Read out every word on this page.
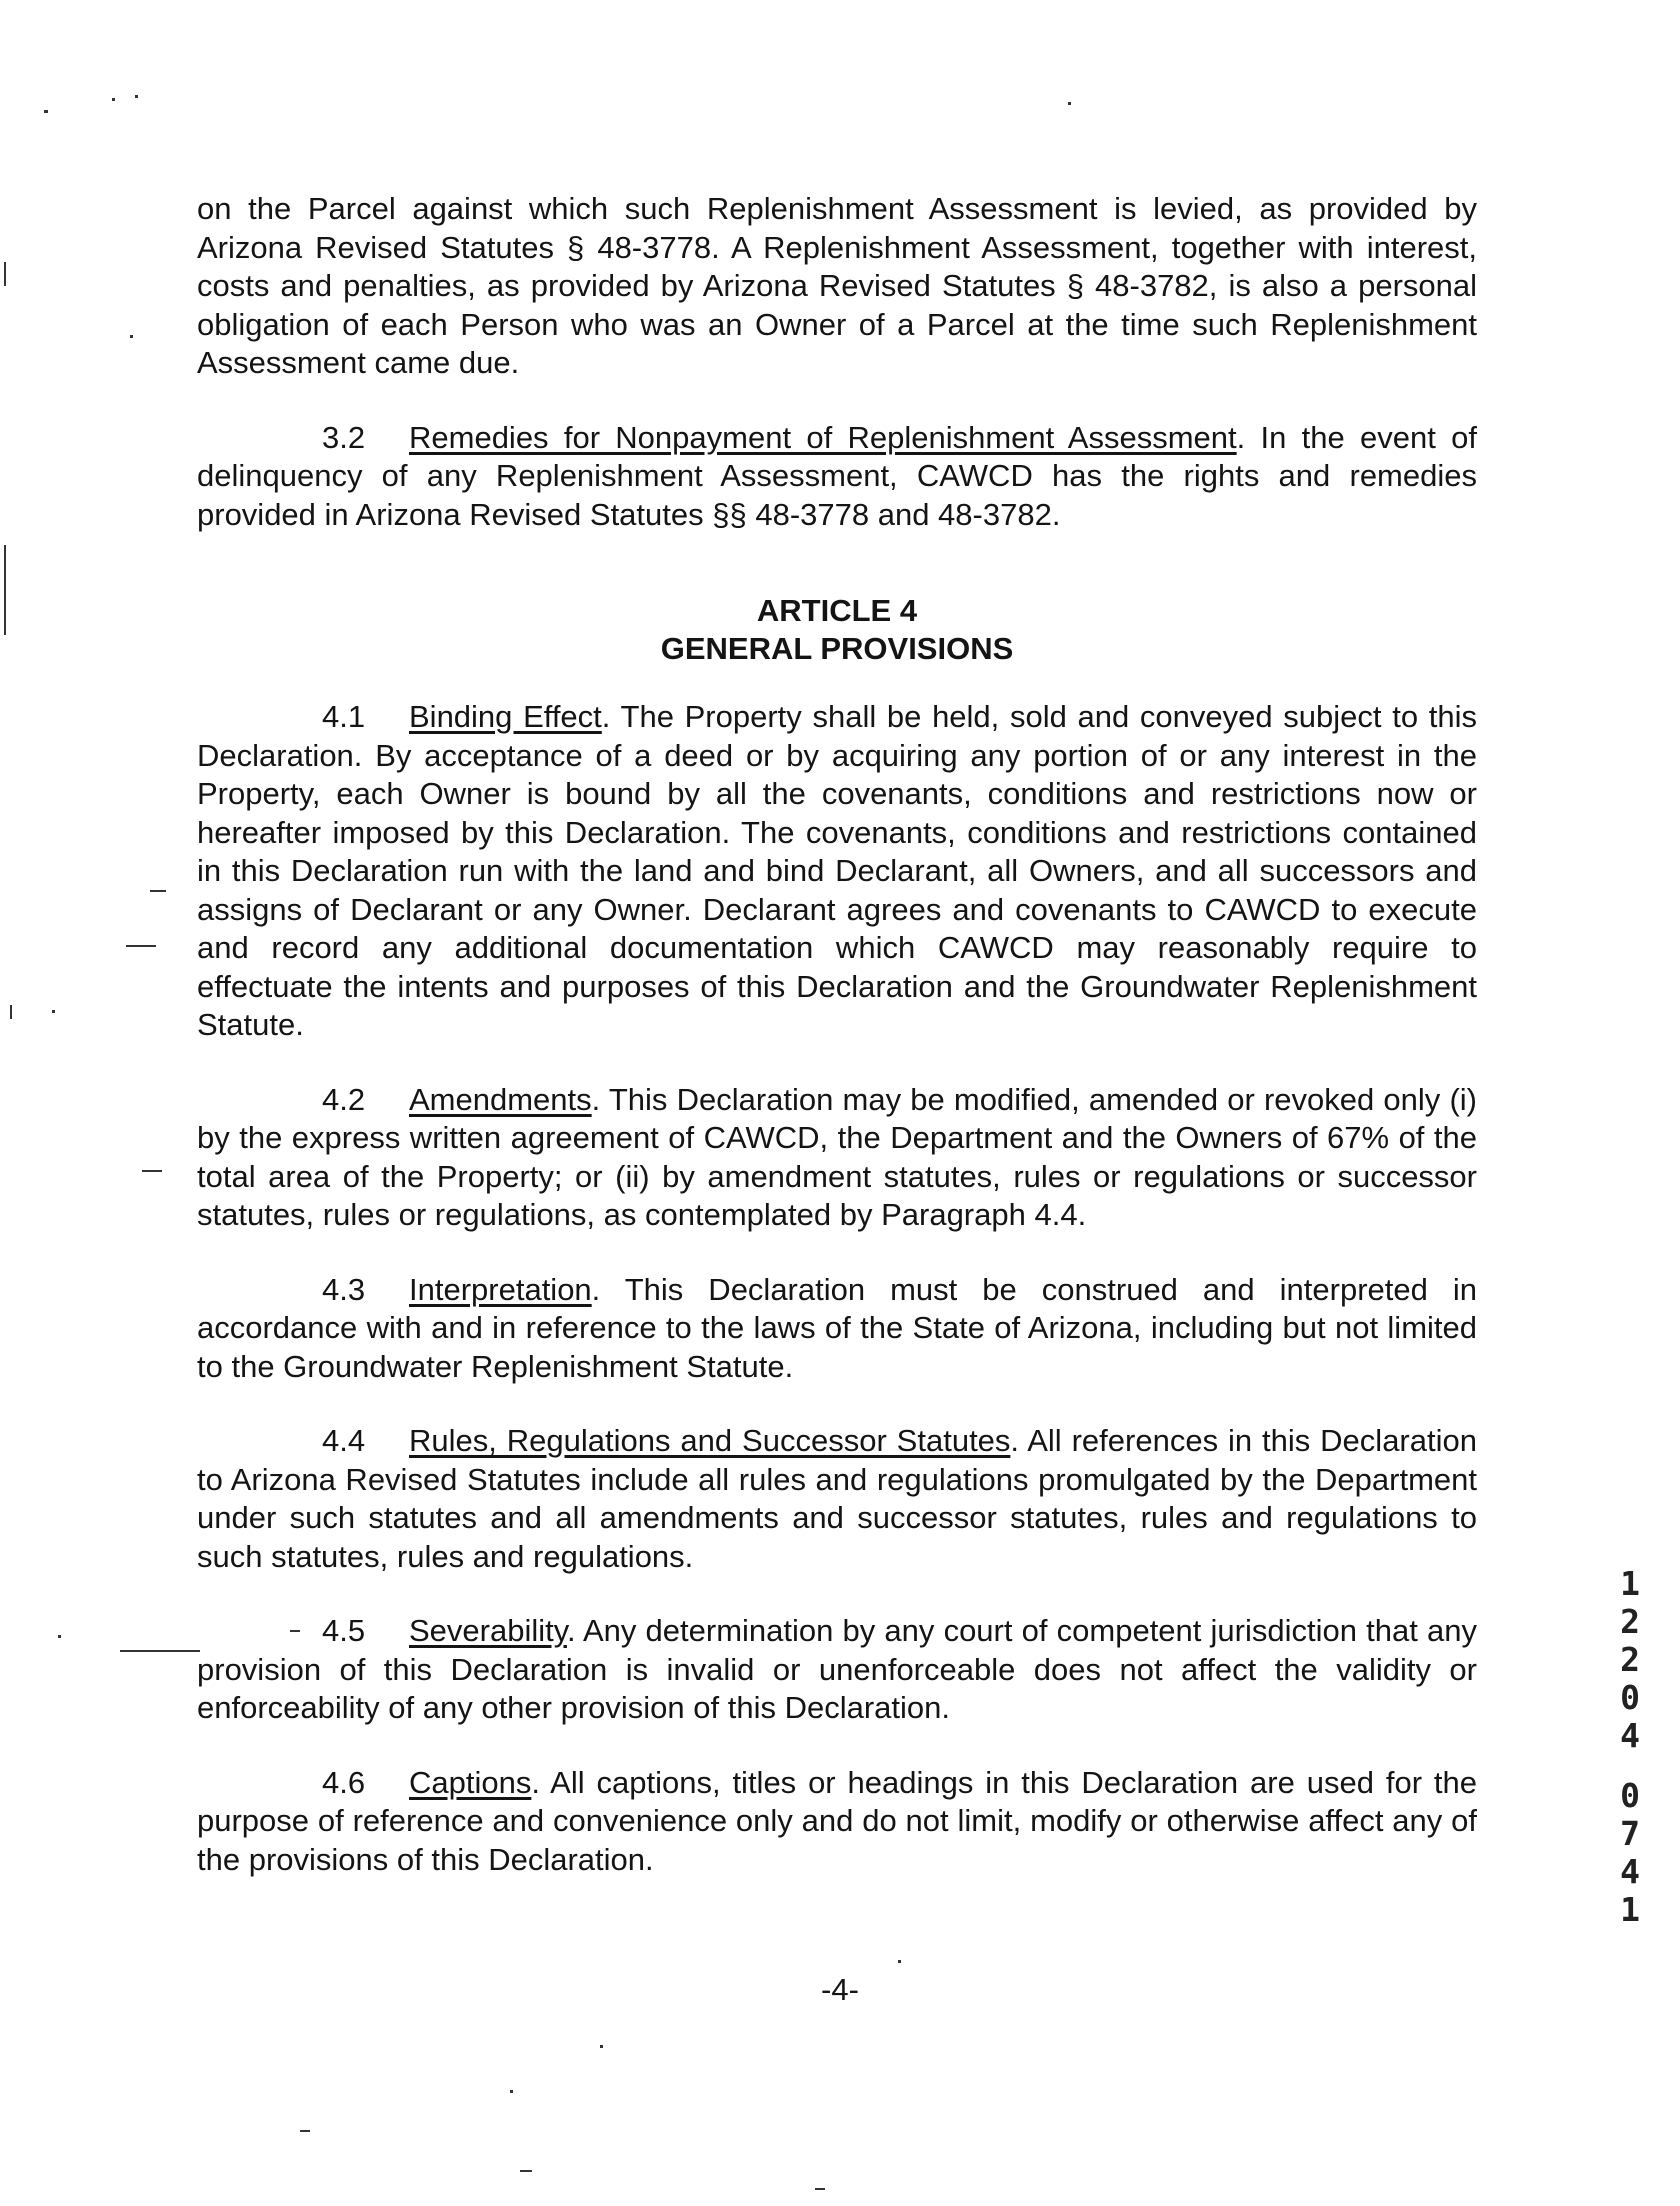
on the Parcel against which such Replenishment Assessment is levied, as provided by Arizona Revised Statutes § 48-3778. A Replenishment Assessment, together with interest, costs and penalties, as provided by Arizona Revised Statutes § 48-3782, is also a personal obligation of each Person who was an Owner of a Parcel at the time such Replenishment Assessment came due.

3.2 Remedies for Nonpayment of Replenishment Assessment. In the event of delinquency of any Replenishment Assessment, CAWCD has the rights and remedies provided in Arizona Revised Statutes §§ 48-3778 and 48-3782.

ARTICLE 4
GENERAL PROVISIONS

4.1 Binding Effect. The Property shall be held, sold and conveyed subject to this Declaration. By acceptance of a deed or by acquiring any portion of or any interest in the Property, each Owner is bound by all the covenants, conditions and restrictions now or hereafter imposed by this Declaration. The covenants, conditions and restrictions contained in this Declaration run with the land and bind Declarant, all Owners, and all successors and assigns of Declarant or any Owner. Declarant agrees and covenants to CAWCD to execute and record any additional documentation which CAWCD may reasonably require to effectuate the intents and purposes of this Declaration and the Groundwater Replenishment Statute.

4.2 Amendments. This Declaration may be modified, amended or revoked only (i) by the express written agreement of CAWCD, the Department and the Owners of 67% of the total area of the Property; or (ii) by amendment statutes, rules or regulations or successor statutes, rules or regulations, as contemplated by Paragraph 4.4.

4.3 Interpretation. This Declaration must be construed and interpreted in accordance with and in reference to the laws of the State of Arizona, including but not limited to the Groundwater Replenishment Statute.

4.4 Rules, Regulations and Successor Statutes. All references in this Declaration to Arizona Revised Statutes include all rules and regulations promulgated by the Department under such statutes and all amendments and successor statutes, rules and regulations to such statutes, rules and regulations.

4.5 Severability. Any determination by any court of competent jurisdiction that any provision of this Declaration is invalid or unenforceable does not affect the validity or enforceability of any other provision of this Declaration.

4.6 Captions. All captions, titles or headings in this Declaration are used for the purpose of reference and convenience only and do not limit, modify or otherwise affect any of the provisions of this Declaration.

-4-
1
2
2
0
4
0
7
4
1
